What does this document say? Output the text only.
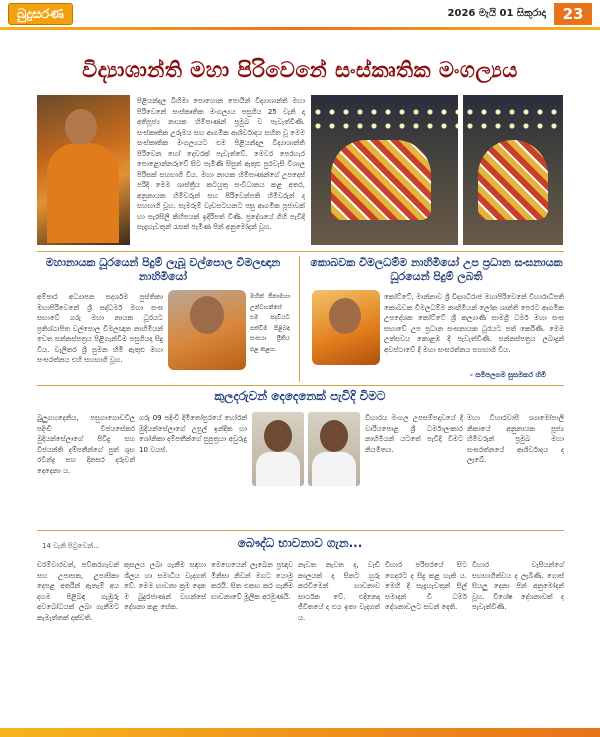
බුදුසරණ	2026 මැයි 01 සිකුරාදා	23
විද්‍යාශාන්ති මහා පිරිවෙනේ සංස්කෘතික මංගල්‍යය
පිළියන්දල බිහිමා පොහොන පොයින් විද්‍යාශාන්ති මහා පිරිවෙනේ සංස්කෘතික මංගල්‍යය පසුගිය 25 වැනි දා අතිපූජ්‍ය නායක හිමිපාණන් ප්‍රමුඛ ව පැවැත්විණි. සංස්කෘතික උරුමය සහ ආගමික ආශිර්වාදය සහිත වූ මෙම සංස්කෘතික මංගල්‍යයට එම පිළියන්දල විද්‍යාශාන්ති පිරිවෙන හෝ දෙවරක් පැවැත්වේ. මෙවර පෙරහැර පොළොන්නරුවේ සිට පැමිණි සිසුන් ඇතුළු පුරවැසි විශාල පිරිසක් සහභාගි විය. මහා නායක හිමිපාණන්ගේ උපදෙස් පරිදි මෙම ශාස්ත්‍රීය කටයුතු සංවිධානය කළ අතර, අනුනායක හිමිවරුන් සහ පිරිවෙන්පති හිමිවරුන් ද සහභාගි වූහ. සැමරුම් වැඩසටහනට පසු ආගමික පූජාවක් හා සැරසිලි කිහිපයක් ඉදිරිපත් විණි. ප්‍රදේශයේ ගිහි පැවිදි සැදැහැවතුන් රැසක් පැමිණ පින් අනුමෝදන් වූහ.
මහානායක ධූරයෙන් පිදුම් ලැබූ වල්පොල විමලඥාන නාහිමියෝ
අම්පාර අධ්‍යාපන සදර්ශම පුස්තිකා මහාපිරිවෙනේ ශ්‍රී සද්ධර්ම මහා සංඝ සභාවේ ගරු මහා නායක ධූරයට ප්‍රතිශ්ඨාපිත වල්පොල විමලඥාන නාහිමියන් වෙත සන්නස්පත්‍රය පිළිගැන්වීම පසුගියදා සිදු විය. වැලිතර ශ්‍රී සුමන හිමි ඇතුළු මහා සංඝරත්නය එහි සහභාගි වූහ.
මහින් ජීනාමහා උන්වහන්සේ එම පදවියට පත්වීම පිළිබඳ සංඝයා ප්‍රීතිය පළ කළහ.
කොබවක විමලධම්ම නාහිමියෝ උප ප්‍රධාන සංඝනායක ධූරයෙන් පිදුම් ලබති
කෝට්ටේ, මාන්නාව ශ්‍රී විද්‍යාධිරාජ මහාපිරිවෙනේ විහාරාධිපති කොබවක විමලධම්ම නාහිමියන් ලෝක ශාන්ති පෙරට ආගමික උපදේශක කෝට්ටේ ශ්‍රී කල්‍යාණි සාමග්‍රී ධර්ම මහා සංඝ සභාවේ උප ප්‍රධාන සංඝනායක ධූරයට පත් කෙරිණි. මෙම උත්සවය කොළඹ දී පැවැත්විණි. සන්නස්පත්‍රය ලබාදුන් අවස්ථාවේ දී මහා සංඝරත්නය සහභාගි විය.
- සමීපලගම සුසමකර හිමි
කුලදරුවන් දෙදෙනෙක් පැවිදි විමට
බුලුගහදෙනිය, පසුගාගොඩවිල පදිංචි වීජයසේකර මුදියන්සේලාගේ පිවිදු සහ විජයන්ති දම්පතීන්ගේ පුත් ශුභ රවීන්ද්‍ර සහ දිනසර දරුවන් දෙදෙනා ය.
ගරු 09 පදිංචි දිමිතෝපුරයේ හෝරන් මුදියන්සේලාගේ උපුල් ඉන්දික හා ශෝනිකා දම්පතීන්ගේ සුපුත්‍රයා අවුරුදු 10 වයස්.
විහාරය මංගල උපසම්පදාවයේ දී වාරියපොළ ශ්‍රී ධර්මාලංකාර නාහිමියන් යටතේ පැවිදි වීමට නියමිතය.
මහා විහාරවාසී ශ්‍යාමෝපාලි නිකායේ අනුනායක පූජ්‍ය හිමිවරුන් ප්‍රමුඛ මහා සංඝරත්නයේ ආශිර්වාදය ද ලැබේ.
14 වැනි පිටුවෙන්...	බෞද්ධ භාවනාව ගැන...
චරම්වාරවන්, පව්කරගැවන් සහ උපාසක, උපාසිකා දෙපළ අතරින් ඇතැම් අය දහම පිළිබඳ ගැඹුරු අවබෝධයක් ලබා ගැනීමට කැමැත්තක් දක්වති.
කුසලය ලබා ගැනීම සඳහා ශීලය හා සමාධිය වැදගත් වේ. මෙම භාවනා ක්‍රම දෙක ම බුදුරජාණන් වහන්සේ දේශනා කළ සේක.
මෙහෙයෙන් ලැබෙන ප්‍රඥාව මිනිසා නිවන් මගට යොමු කරයි. සිත එකඟ කර ගැනීම භාවනාවේ මූලික අරමුණයි.
නැවත නැවත ද, වැඩි කාලයක් ද සිතට හුරු කරවීමෙන් භාවනාව සාර්ථක වේ. එදිනෙදා ජීවිතයේ ද එය ඉතා වැදගත් ය.
විහාර පරිසරයේ සිට ගෙදරට ද සිදු කළ හැකි ය. මෙහි දී සැදැහැවතුන් සිල් සමාදන් වී ධර්ම දේශනාවලට සවන් දෙති.
විහාර වැසියන්ගේ සහභාගීත්වය ද ලැබිණි. ගොස් සියලු දෙනා පින් අනුමෝදන් වූහ. විශේෂ දේශනාවක් ද පැවැත්විණි.
